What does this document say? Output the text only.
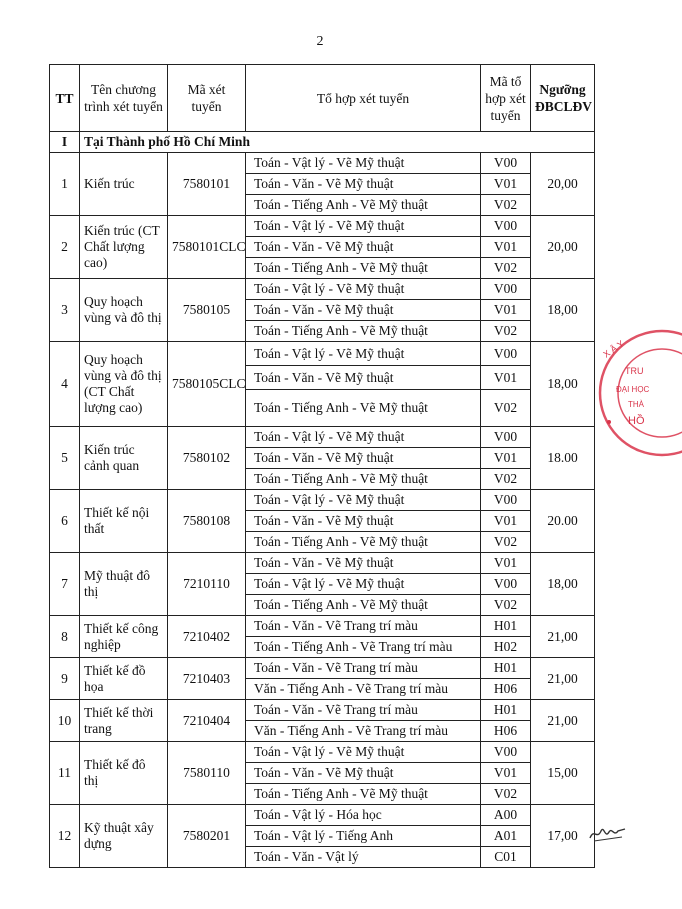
2
TT	Tên chương trình xét tuyển	Mã xét tuyển	Tổ hợp xét tuyển	Mã tổ hợp xét tuyển	Ngưỡng ĐBCLĐV
I	Tại Thành phố Hồ Chí Minh				
1	Kiến trúc	7580101	Toán - Vật lý - Vẽ Mỹ thuật	V00	20,00
			Toán - Văn - Vẽ Mỹ thuật	V01	
			Toán - Tiếng Anh - Vẽ Mỹ thuật	V02	
2	Kiến trúc (CT Chất lượng cao)	7580101CLC	Toán - Vật lý - Vẽ Mỹ thuật	V00	20,00
			Toán - Văn - Vẽ Mỹ thuật	V01	
			Toán - Tiếng Anh - Vẽ Mỹ thuật	V02	
3	Quy hoạch vùng và đô thị	7580105	Toán - Vật lý - Vẽ Mỹ thuật	V00	18,00
			Toán - Văn - Vẽ Mỹ thuật	V01	
			Toán - Tiếng Anh - Vẽ Mỹ thuật	V02	
4	Quy hoạch vùng và đô thị (CT Chất lượng cao)	7580105CLC	Toán - Vật lý - Vẽ Mỹ thuật	V00	18,00
			Toán - Văn - Vẽ Mỹ thuật	V01	
			Toán - Tiếng Anh - Vẽ Mỹ thuật	V02	
5	Kiến trúc cảnh quan	7580102	Toán - Vật lý - Vẽ Mỹ thuật	V00	18.00
			Toán - Văn - Vẽ Mỹ thuật	V01	
			Toán - Tiếng Anh - Vẽ Mỹ thuật	V02	
6	Thiết kế nội thất	7580108	Toán - Vật lý - Vẽ Mỹ thuật	V00	20.00
			Toán - Văn - Vẽ Mỹ thuật	V01	
			Toán - Tiếng Anh - Vẽ Mỹ thuật	V02	
7	Mỹ thuật đô thị	7210110	Toán - Văn - Vẽ Mỹ thuật	V01	18,00
			Toán - Vật lý - Vẽ Mỹ thuật	V00	
			Toán - Tiếng Anh - Vẽ Mỹ thuật	V02	
8	Thiết kế công nghiệp	7210402	Toán - Văn - Vẽ Trang trí màu	H01	21,00
			Toán - Tiếng Anh - Vẽ Trang trí màu	H02	
9	Thiết kế đồ họa	7210403	Toán - Văn - Vẽ Trang trí màu	H01	21,00
			Văn - Tiếng Anh - Vẽ Trang trí màu	H06	
10	Thiết kế thời trang	7210404	Toán - Văn - Vẽ Trang trí màu	H01	21,00
			Văn - Tiếng Anh - Vẽ Trang trí màu	H06	
11	Thiết kế đô thị	7580110	Toán - Vật lý - Vẽ Mỹ thuật	V00	15,00
			Toán - Văn - Vẽ Mỹ thuật	V01	
			Toán - Tiếng Anh - Vẽ Mỹ thuật	V02	
12	Kỹ thuật xây dựng	7580201	Toán - Vật lý - Hóa học	A00	17,00
			Toán - Vật lý - Tiếng Anh	A01	
			Toán - Văn - Vật lý	C01	
X Â Y
TRU
ĐẠI HỌC
THÀ
HỒ
